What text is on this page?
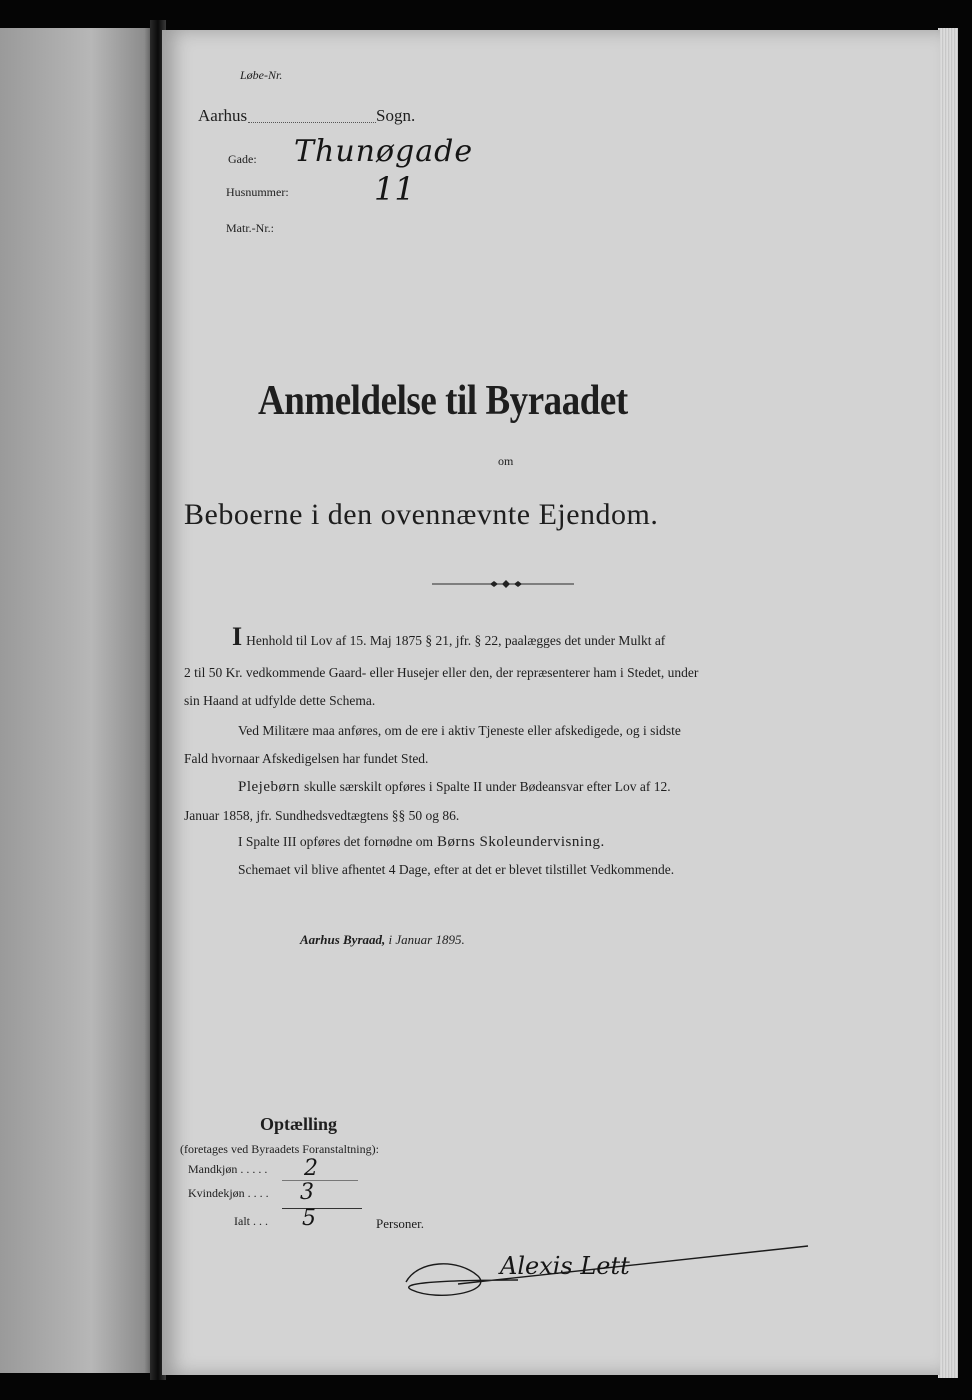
Løbe-Nr.
Aarhus	Sogn.
Gade: Thunøgade
Husnummer:	11
Matr.-Nr.:
Anmeldelse til Byraadet
om
Beboerne i den ovennævnte Ejendom.
I Henhold til Lov af 15. Maj 1875 § 21, jfr. § 22, paalægges det under Mulkt af
2 til 50 Kr. vedkommende Gaard- eller Husejer eller den, der repræsenterer ham i Stedet, under
sin Haand at udfylde dette Schema.
Ved Militære maa anføres, om de ere i aktiv Tjeneste eller afskedigede, og i sidste
Fald hvornaar Afskedigelsen har fundet Sted.
Plejebørn skulle særskilt opføres i Spalte II under Bødeansvar efter Lov af 12.
Januar 1858, jfr. Sundhedsvedtægtens §§ 50 og 86.
I Spalte III opføres det fornødne om Børns Skoleundervisning.
Schemaet vil blive afhentet 4 Dage, efter at det er blevet tilstillet Vedkommende.
Aarhus Byraad, i Januar 1895.
Optælling
(foretages ved Byraadets Foranstaltning):
Mandkjøn . . . . . 2
Kvindekjøn . . . . 3
Ialt . . . 5	Personer.
Alexis Lett
